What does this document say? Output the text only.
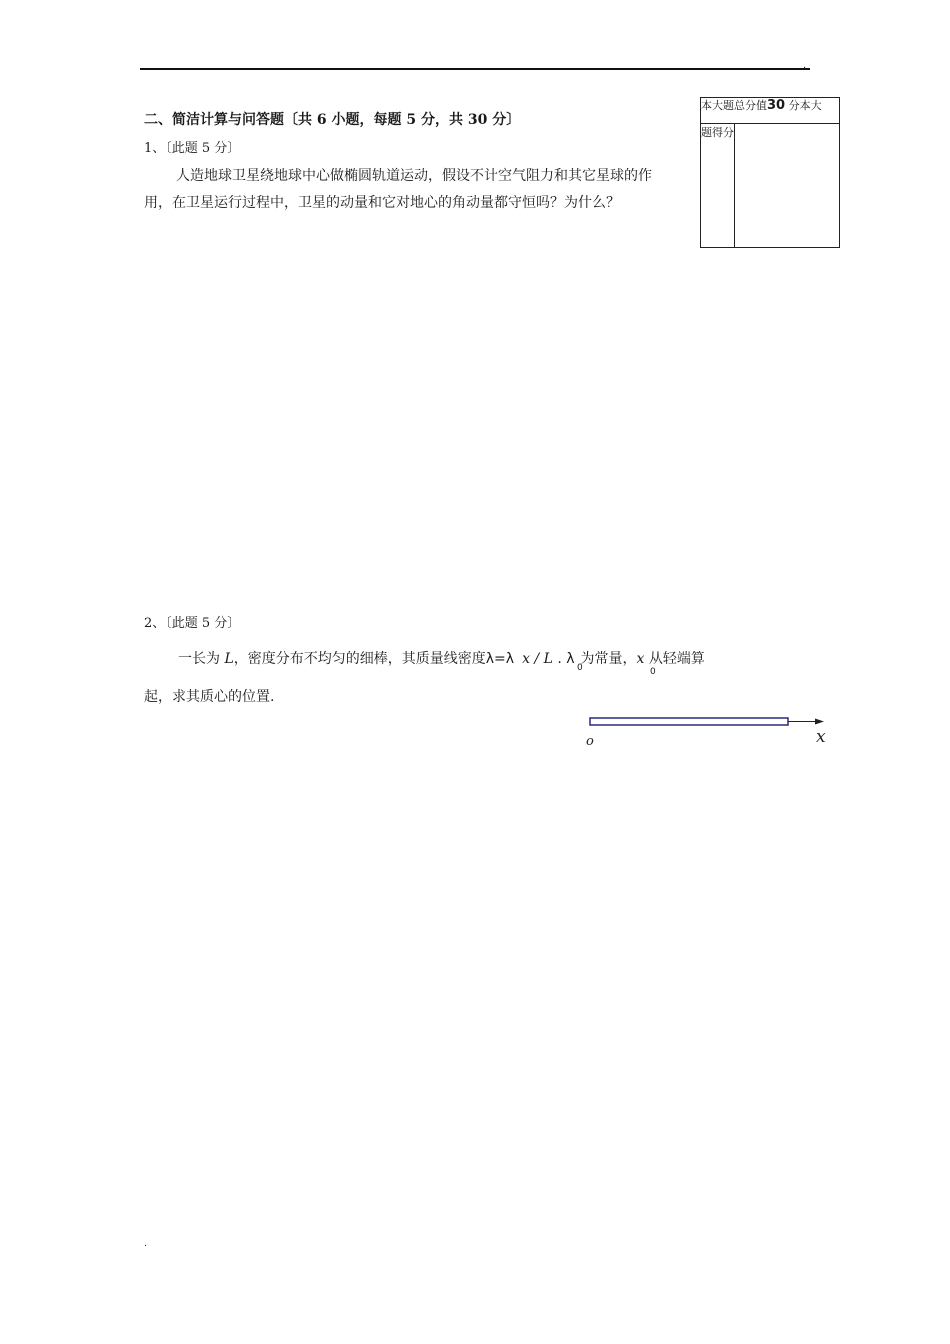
.
二、简洁计算与问答题〔共 6 小题，每题 5 分，共 30 分〕
本大题总分值30 分本大
题得分
1、〔此题 5 分〕
人造地球卫星绕地球中心做椭圆轨道运动，假设不计空气阻力和其它星球的作用，在卫星运行过程中，卫星的动量和它对地心的角动量都守恒吗？为什么？
2、〔此题 5 分〕
一长为 L，密度分布不均匀的细棒，其质量线密度λ=λ x / L . λ 为常量，x 从轻端算
0	0
起，求其质心的位置.
o	x
.
